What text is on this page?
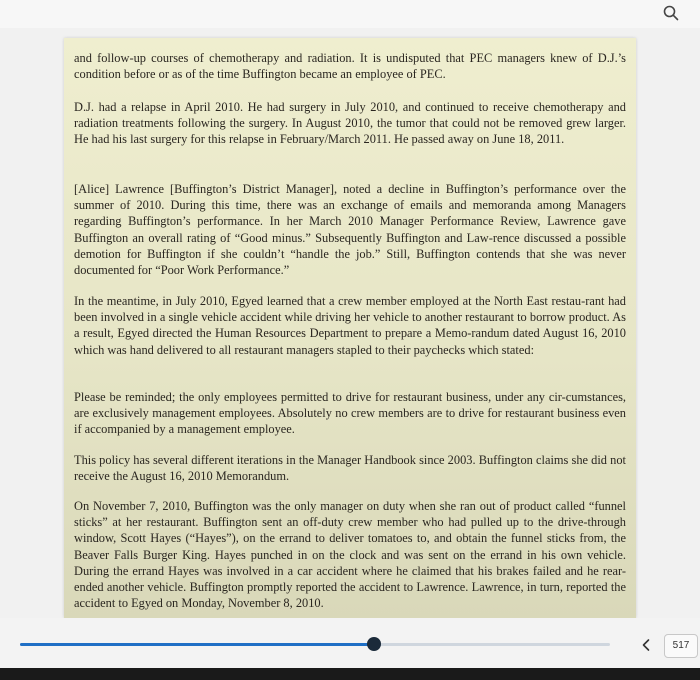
and follow-up courses of chemotherapy and radiation. It is undisputed that PEC managers knew of D.J.’s condition before or as of the time Buffington became an employee of PEC.

D.J. had a relapse in April 2010. He had surgery in July 2010, and continued to receive chemotherapy and radiation treatments following the surgery. In August 2010, the tumor that could not be removed grew larger. He had his last surgery for this relapse in February/March 2011. He passed away on June 18, 2011.

[Alice] Lawrence [Buffington’s District Manager], noted a decline in Buffington’s performance over the summer of 2010. During this time, there was an exchange of emails and memoranda among Managers regarding Buffington’s performance. In her March 2010 Manager Performance Review, Lawrence gave Buffington an overall rating of “Good minus.” Subsequently Buffington and Law-rence discussed a possible demotion for Buffington if she couldn’t “handle the job.” Still, Buffington contends that she was never documented for “Poor Work Performance.”

In the meantime, in July 2010, Egyed learned that a crew member employed at the North East restau-rant had been involved in a single vehicle accident while driving her vehicle to another restaurant to borrow product. As a result, Egyed directed the Human Resources Department to prepare a Memo-randum dated August 16, 2010 which was hand delivered to all restaurant managers stapled to their paychecks which stated:

Please be reminded; the only employees permitted to drive for restaurant business, under any cir-cumstances, are exclusively management employees. Absolutely no crew members are to drive for restaurant business even if accompanied by a management employee.

This policy has several different iterations in the Manager Handbook since 2003. Buffington claims she did not receive the August 16, 2010 Memorandum.

On November 7, 2010, Buffington was the only manager on duty when she ran out of product called “funnel sticks” at her restaurant. Buffington sent an off-duty crew member who had pulled up to the drive-through window, Scott Hayes (“Hayes”), on the errand to deliver tomatoes to, and obtain the funnel sticks from, the Beaver Falls Burger King. Hayes punched in on the clock and was sent on the errand in his own vehicle. During the errand Hayes was involved in a car accident where he claimed that his brakes failed and he rear-ended another vehicle. Buffington promptly reported the accident to Lawrence. Lawrence, in turn, reported the accident to Egyed on Monday, November 8, 2010.

517
